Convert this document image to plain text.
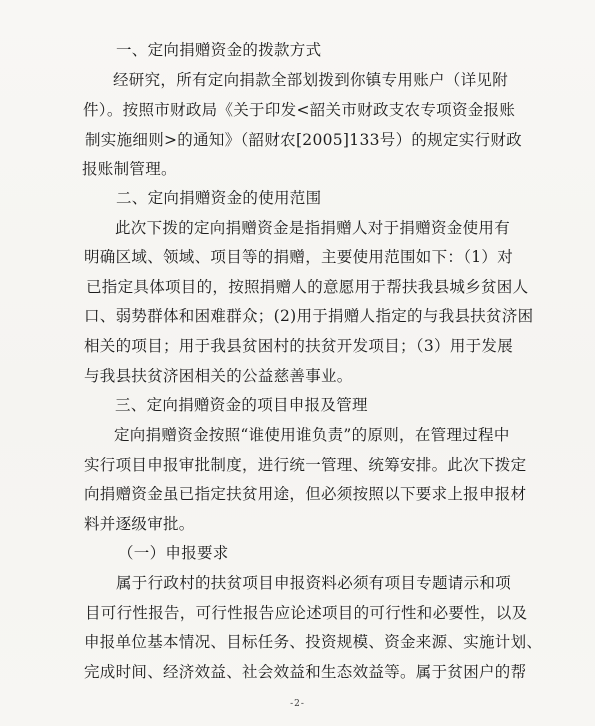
一、定向捐赠资金的拨款方式
经研究，所有定向捐款全部划拨到你镇专用账户（详见附
件）。按照市财政局《关于印发<韶关市财政支农专项资金报账
制实施细则>的通知》（韶财农[2005]133号）的规定实行财政
报账制管理。
二、定向捐赠资金的使用范围
此次下拨的定向捐赠资金是指捐赠人对于捐赠资金使用有
明确区域、领域、项目等的捐赠，主要使用范围如下：（1）对
已指定具体项目的，按照捐赠人的意愿用于帮扶我县城乡贫困人
口、弱势群体和困难群众；(2)用于捐赠人指定的与我县扶贫济困
相关的项目；用于我县贫困村的扶贫开发项目；（3）用于发展
与我县扶贫济困相关的公益慈善事业。
三、定向捐赠资金的项目申报及管理
定向捐赠资金按照“谁使用谁负责”的原则，在管理过程中
实行项目申报审批制度，进行统一管理、统筹安排。此次下拨定
向捐赠资金虽已指定扶贫用途，但必须按照以下要求上报申报材
料并逐级审批。
（一）申报要求
属于行政村的扶贫项目申报资料必须有项目专题请示和项
目可行性报告，可行性报告应论述项目的可行性和必要性，以及
申报单位基本情况、目标任务、投资规模、资金来源、实施计划、
完成时间、经济效益、社会效益和生态效益等。属于贫困户的帮
-2-
